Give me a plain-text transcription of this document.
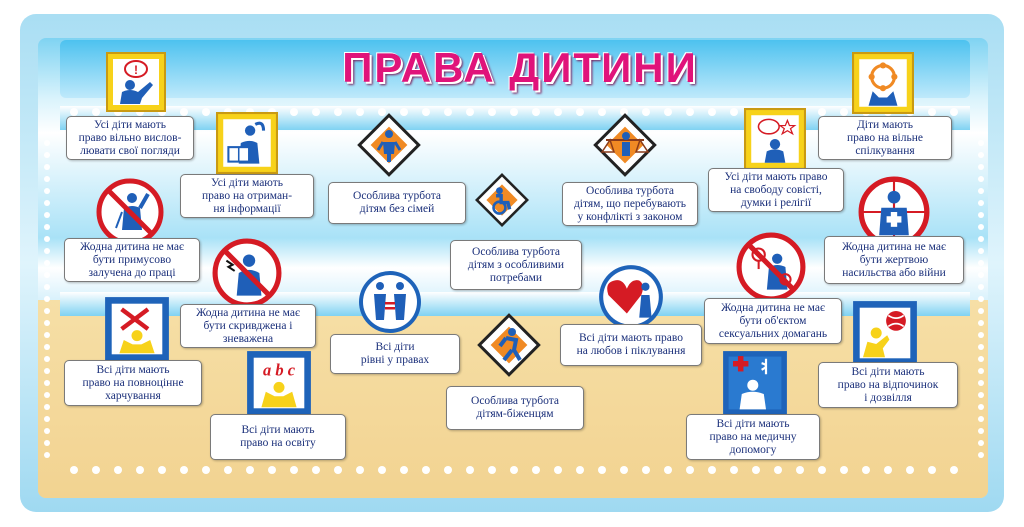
ПРАВА ДИТИНИ
!
a b c
Усі діти мають
право вільно вислов-
лювати свої погляди
Усі діти мають
право на отриман-
ня інформації
Особлива турбота
дітям без сімей
Особлива турбота
дітям з особливими
потребами
Особлива турбота
дітям, що перебувають
у конфлікті з законом
Усі діти мають право
на свободу совісті,
думки і релігії
Діти мають
право на вільне
спілкування
Жодна дитина не має
бути примусово
залучена до праці
Жодна дитина не має
бути скривджена і
зневажена
Всі діти
рівні у правах
Всі діти мають право
на любов і піклування
Жодна дитина не має
бути об'єктом
сексуальних домагань
Жодна дитина не має
бути жертвою
насильства або війни
Всі діти мають
право на повноцінне
харчування
Всі діти мають
право на освіту
Особлива турбота
дітям-біженцям
Всі діти мають
право на медичну
допомогу
Всі діти мають
право на відпочинок
і дозвілля
